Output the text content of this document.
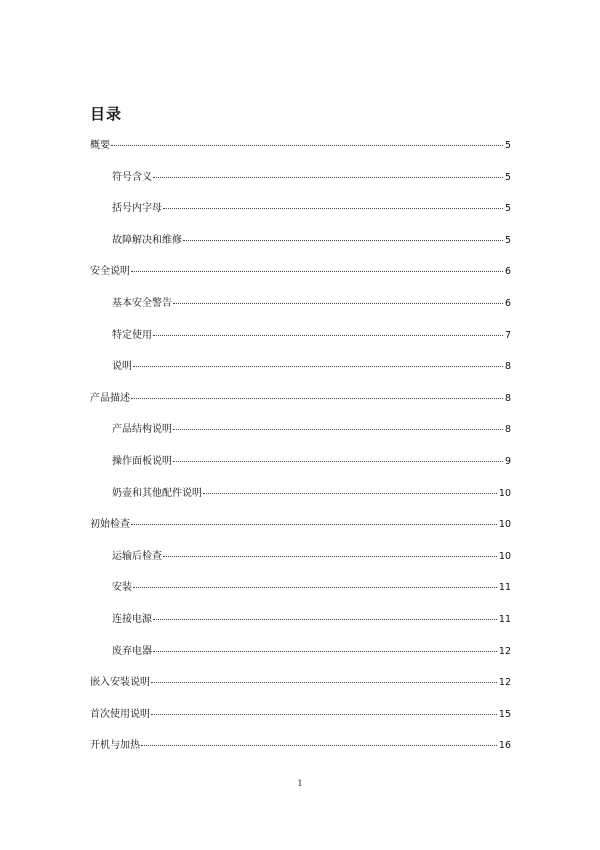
目录
概要	5
符号含义	5
括号内字母	5
故障解决和维修	5
安全说明	6
基本安全警告	6
特定使用	7
说明	8
产品描述	8
产品结构说明	8
操作面板说明	9
奶壶和其他配件说明	10
初始检查	10
运输后检查	10
安装	11
连接电源	11
废弃电器	12
嵌入安装说明	12
首次使用说明	15
开机与加热	16
1
